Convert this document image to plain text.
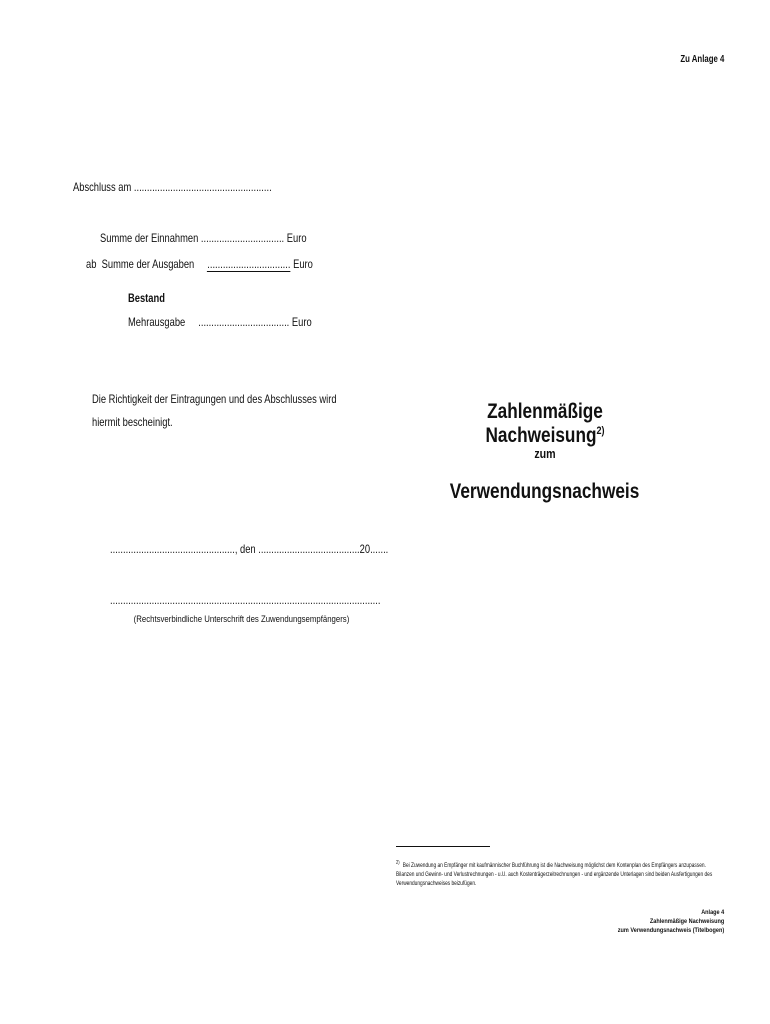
Zu Anlage 4
Abschluss am .....................................................
Summe der Einnahmen ................................ Euro
ab Summe der Ausgaben ................................ Euro
Bestand
Mehrausgabe ................................... Euro
Die Richtigkeit der Eintragungen und des Abschlusses wird
hiermit bescheinigt.
................................................, den .......................................20.......
........................................................................................................
(Rechtsverbindliche Unterschrift des Zuwendungsempfängers)
Zahlenmäßige Nachweisung$^{2)}$
zum
Verwendungsnachweis
$^{2)}$ Bei Zuwendung an Empfänger mit kaufmännischer Buchführung ist die Nachweisung möglichst dem Kontenplan des Empfängers anzupassen. Bilanzen und Gewinn- und Verlustrechnungen - u.U. auch Kostenträgerzeitrechnungen - und ergänzende Unterlagen sind beiden Ausfertigungen des Verwendungsnachweises beizufügen.
Anlage 4
Zahlenmäßige Nachweisung
zum Verwendungsnachweis (Titelbogen)
